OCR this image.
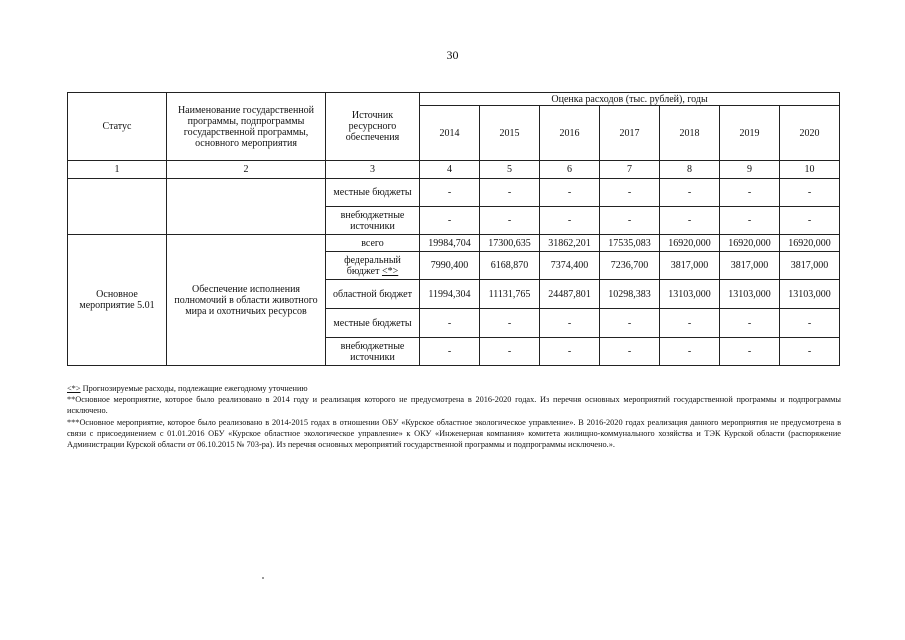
30
Статус	Наименование государственной программы, подпрограммы государственной программы, основного мероприятия	Источник ресурсного обеспечения	Оценка расходов (тыс. рублей), годы						
			2014	2015	2016	2017	2018	2019	2020
1	2	3	4	5	6	7	8	9	10
		местные бюджеты	-	-	-	-	-	-	-
		внебюджетные источники	-	-	-	-	-	-	-
Основное мероприятие 5.01	Обеспечение исполнения полномочий в области животного мира и охотничьих ресурсов	всего	19984,704	17300,635	31862,201	17535,083	16920,000	16920,000	16920,000
		федеральный бюджет <*>	7990,400	6168,870	7374,400	7236,700	3817,000	3817,000	3817,000
		областной бюджет	11994,304	11131,765	24487,801	10298,383	13103,000	13103,000	13103,000
		местные бюджеты	-	-	-	-	-	-	-
		внебюджетные источники	-	-	-	-	-	-	-

<*> Прогнозируемые расходы, подлежащие ежегодному уточнению

**Основное мероприятие, которое было реализовано в 2014 году и реализация которого не предусмотрена в 2016-2020 годах. Из перечня основных мероприятий государственной программы и подпрограммы исключено.

***Основное мероприятие, которое было реализовано в 2014-2015 годах в отношении ОБУ «Курское областное экологическое управление». В 2016-2020 годах реализация данного мероприятия не предусмотрена в связи с присоединением с 01.01.2016 ОБУ «Курское областное экологическое управление» к ОКУ «Инженерная компания» комитета жилищно-коммунального хозяйства и ТЭК Курской области (распоряжение Администрации Курской области от 06.10.2015 № 703-ра). Из перечня основных мероприятий государственной программы и подпрограммы исключено.».
